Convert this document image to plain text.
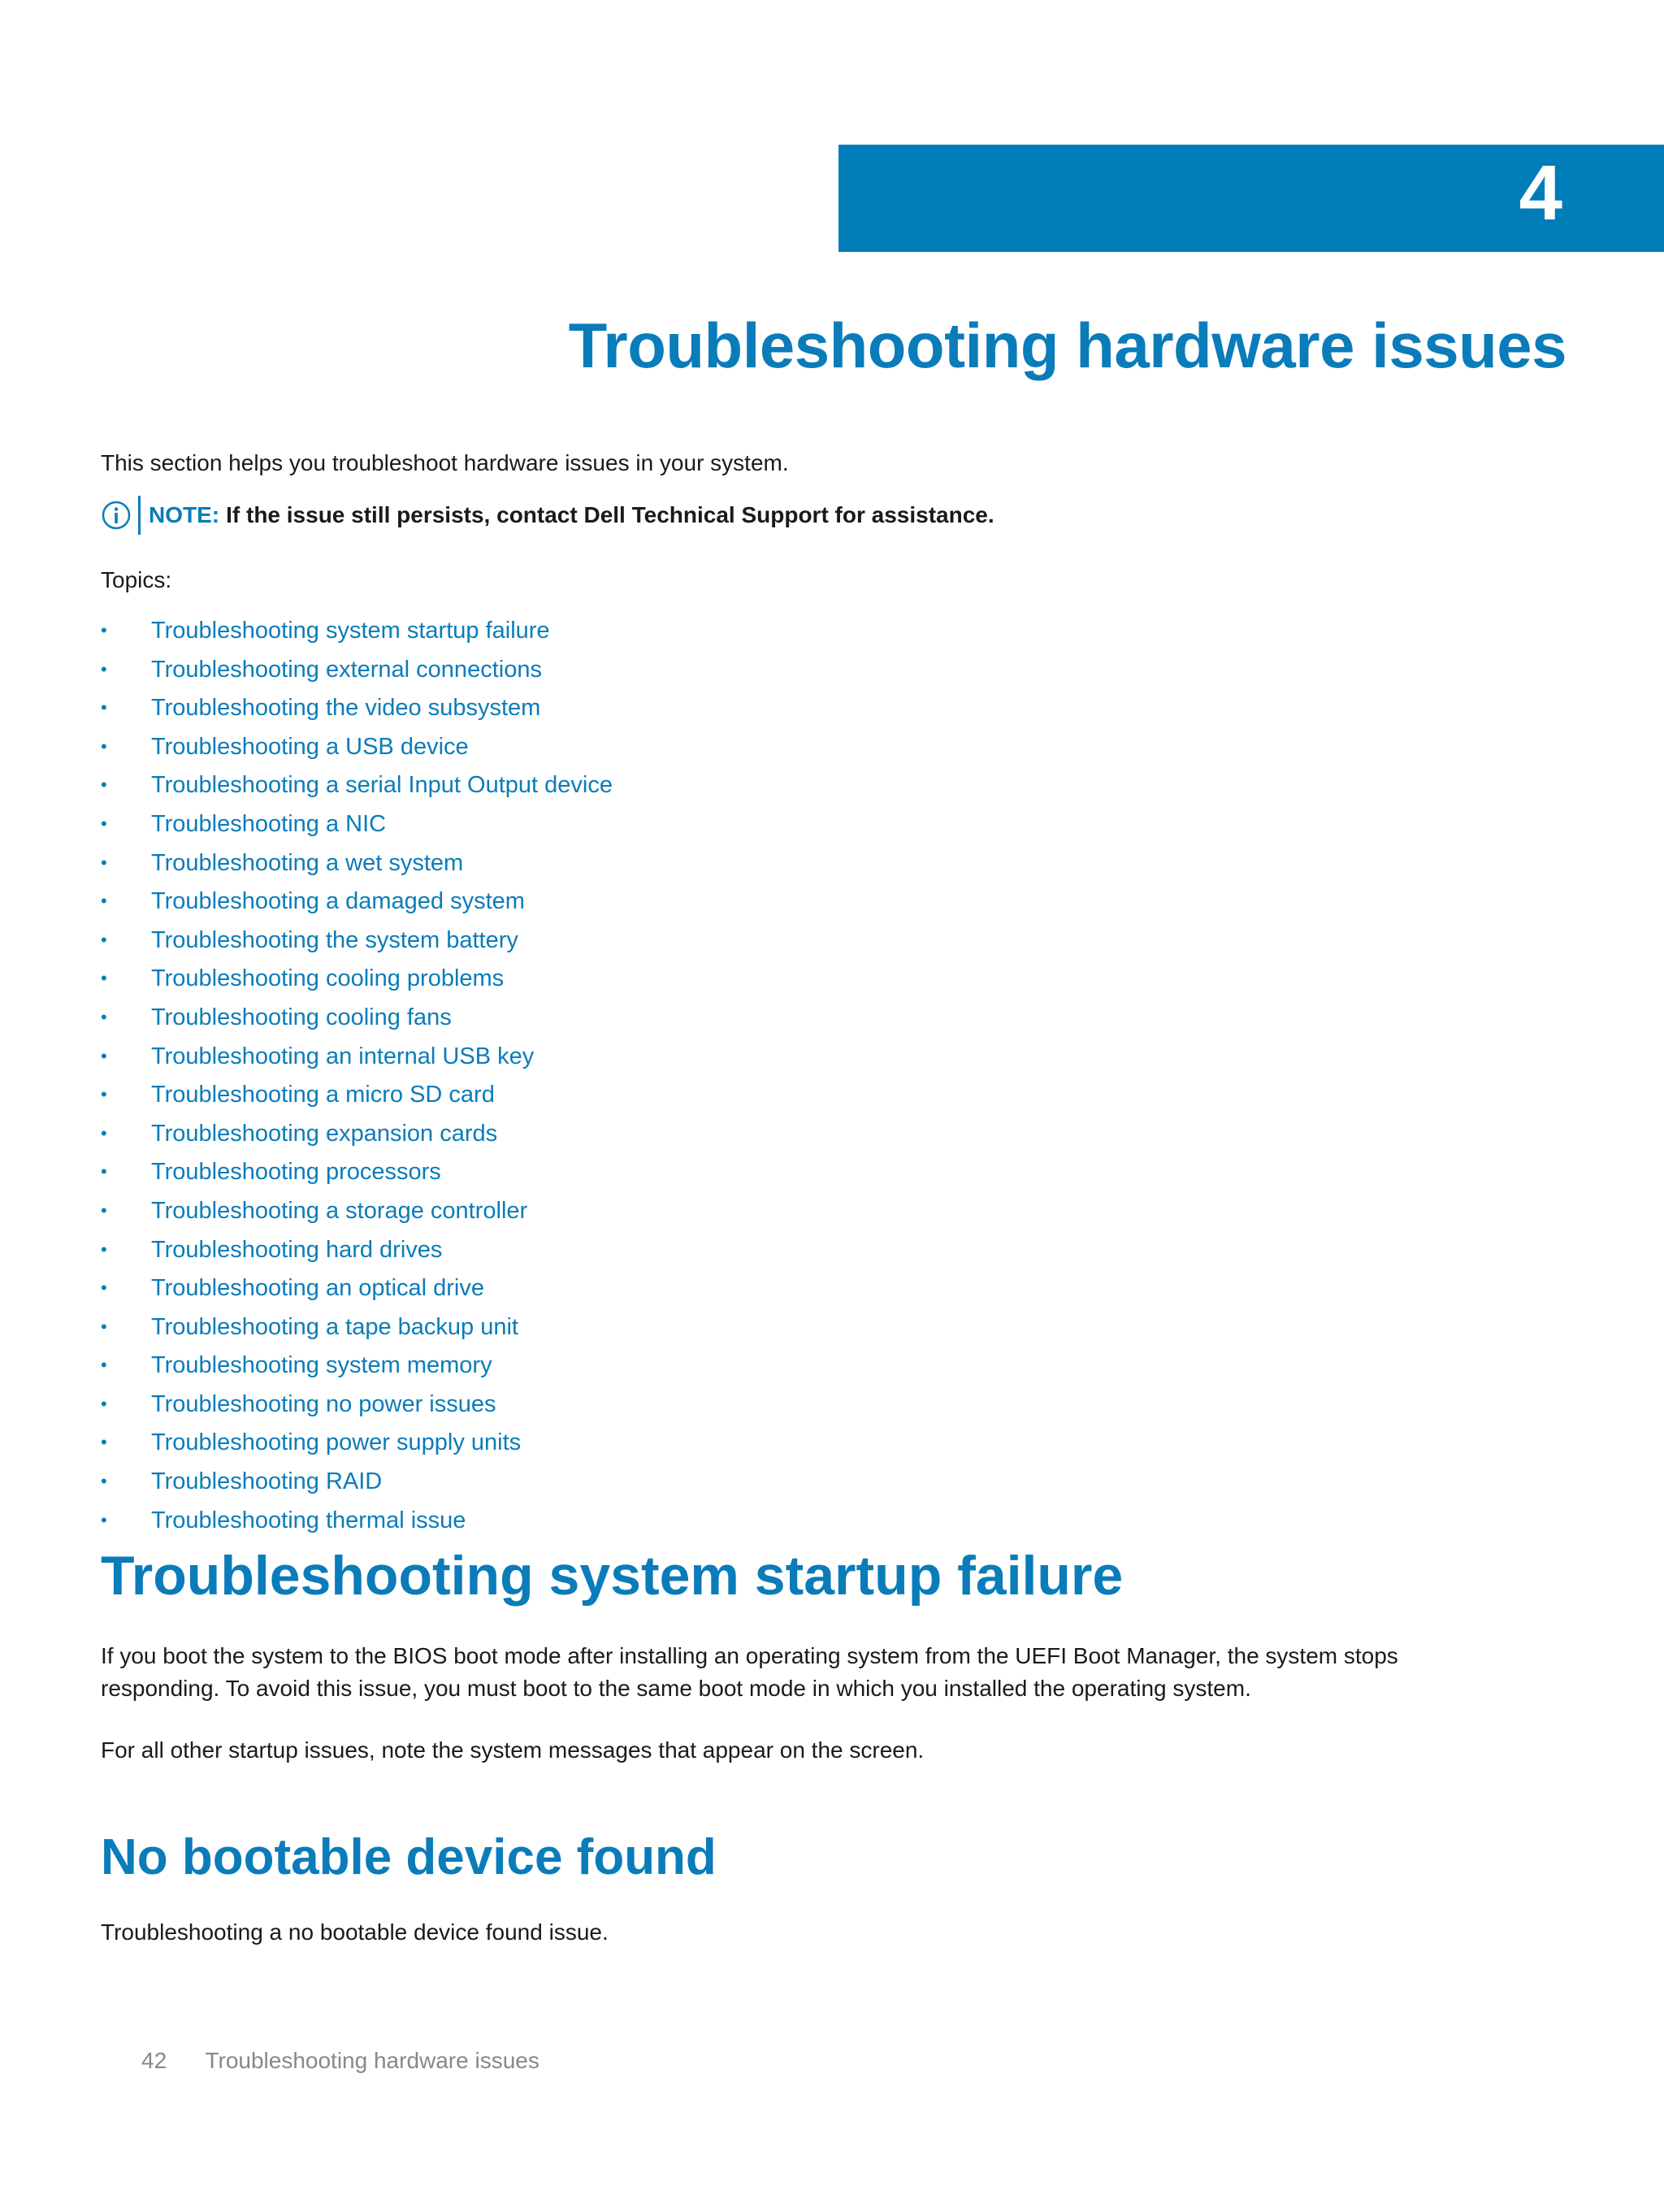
4
Troubleshooting hardware issues

This section helps you troubleshoot hardware issues in your system.

NOTE: If the issue still persists, contact Dell Technical Support for assistance.

Topics:

• Troubleshooting system startup failure
• Troubleshooting external connections
• Troubleshooting the video subsystem
• Troubleshooting a USB device
• Troubleshooting a serial Input Output device
• Troubleshooting a NIC
• Troubleshooting a wet system
• Troubleshooting a damaged system
• Troubleshooting the system battery
• Troubleshooting cooling problems
• Troubleshooting cooling fans
• Troubleshooting an internal USB key
• Troubleshooting a micro SD card
• Troubleshooting expansion cards
• Troubleshooting processors
• Troubleshooting a storage controller
• Troubleshooting hard drives
• Troubleshooting an optical drive
• Troubleshooting a tape backup unit
• Troubleshooting system memory
• Troubleshooting no power issues
• Troubleshooting power supply units
• Troubleshooting RAID
• Troubleshooting thermal issue
Troubleshooting system startup failure

If you boot the system to the BIOS boot mode after installing an operating system from the UEFI Boot Manager, the system stops responding. To avoid this issue, you must boot to the same boot mode in which you installed the operating system.

For all other startup issues, note the system messages that appear on the screen.

No bootable device found

Troubleshooting a no bootable device found issue.

42 Troubleshooting hardware issues
